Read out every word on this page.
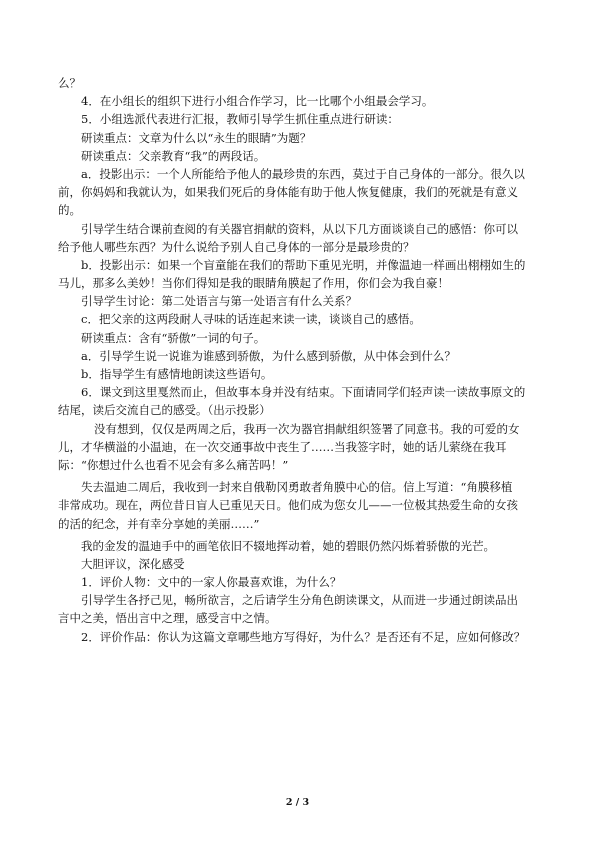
么？
4．在小组长的组织下进行小组合作学习，比一比哪个小组最会学习。
5．小组选派代表进行汇报，教师引导学生抓住重点进行研读：
研读重点：文章为什么以“永生的眼睛”为题？
研读重点：父亲教育“我”的两段话。
a．投影出示：一个人所能给予他人的最珍贵的东西，莫过于自己身体的一部分。很久以
前，你妈妈和我就认为，如果我们死后的身体能有助于他人恢复健康，我们的死就是有意义
的。
引导学生结合课前查阅的有关器官捐献的资料，从以下几方面谈谈自己的感悟：你可以
给予他人哪些东西？为什么说给予别人自己身体的一部分是最珍贵的？
b．投影出示：如果一个盲童能在我们的帮助下重见光明，并像温迪一样画出栩栩如生的
马儿，那多么美妙！当你们得知是我的眼睛角膜起了作用，你们会为我自豪！
引导学生讨论：第二处语言与第一处语言有什么关系？
c．把父亲的这两段耐人寻味的话连起来读一读，谈谈自己的感悟。
研读重点：含有“骄傲”一词的句子。
a．引导学生说一说谁为谁感到骄傲，为什么感到骄傲，从中体会到什么？
b．指导学生有感情地朗读这些语句。
6．课文到这里戛然而止，但故事本身并没有结束。下面请同学们轻声读一读故事原文的
结尾，读后交流自己的感受。（出示投影）
没有想到，仅仅是两周之后，我再一次为器官捐献组织签署了同意书。我的可爱的女
儿，才华横溢的小温迪，在一次交通事故中丧生了……当我签字时，她的话儿萦绕在我耳
际：“你想过什么也看不见会有多么痛苦吗！”
失去温迪二周后，我收到一封来自俄勒冈勇敢者角膜中心的信。信上写道：“角膜移植
非常成功。现在，两位昔日盲人已重见天日。他们成为您女儿——一位极其热爱生命的女孩
的活的纪念，并有幸分享她的美丽……”
我的金发的温迪手中的画笔依旧不辍地挥动着，她的碧眼仍然闪烁着骄傲的光芒。
大胆评议，深化感受
1．评价人物：文中的一家人你最喜欢谁，为什么？
引导学生各抒己见，畅所欲言，之后请学生分角色朗读课文，从而进一步通过朗读品出
言中之美，悟出言中之理，感受言中之情。
2．评价作品：你认为这篇文章哪些地方写得好，为什么？是否还有不足，应如何修改？
2 / 3
